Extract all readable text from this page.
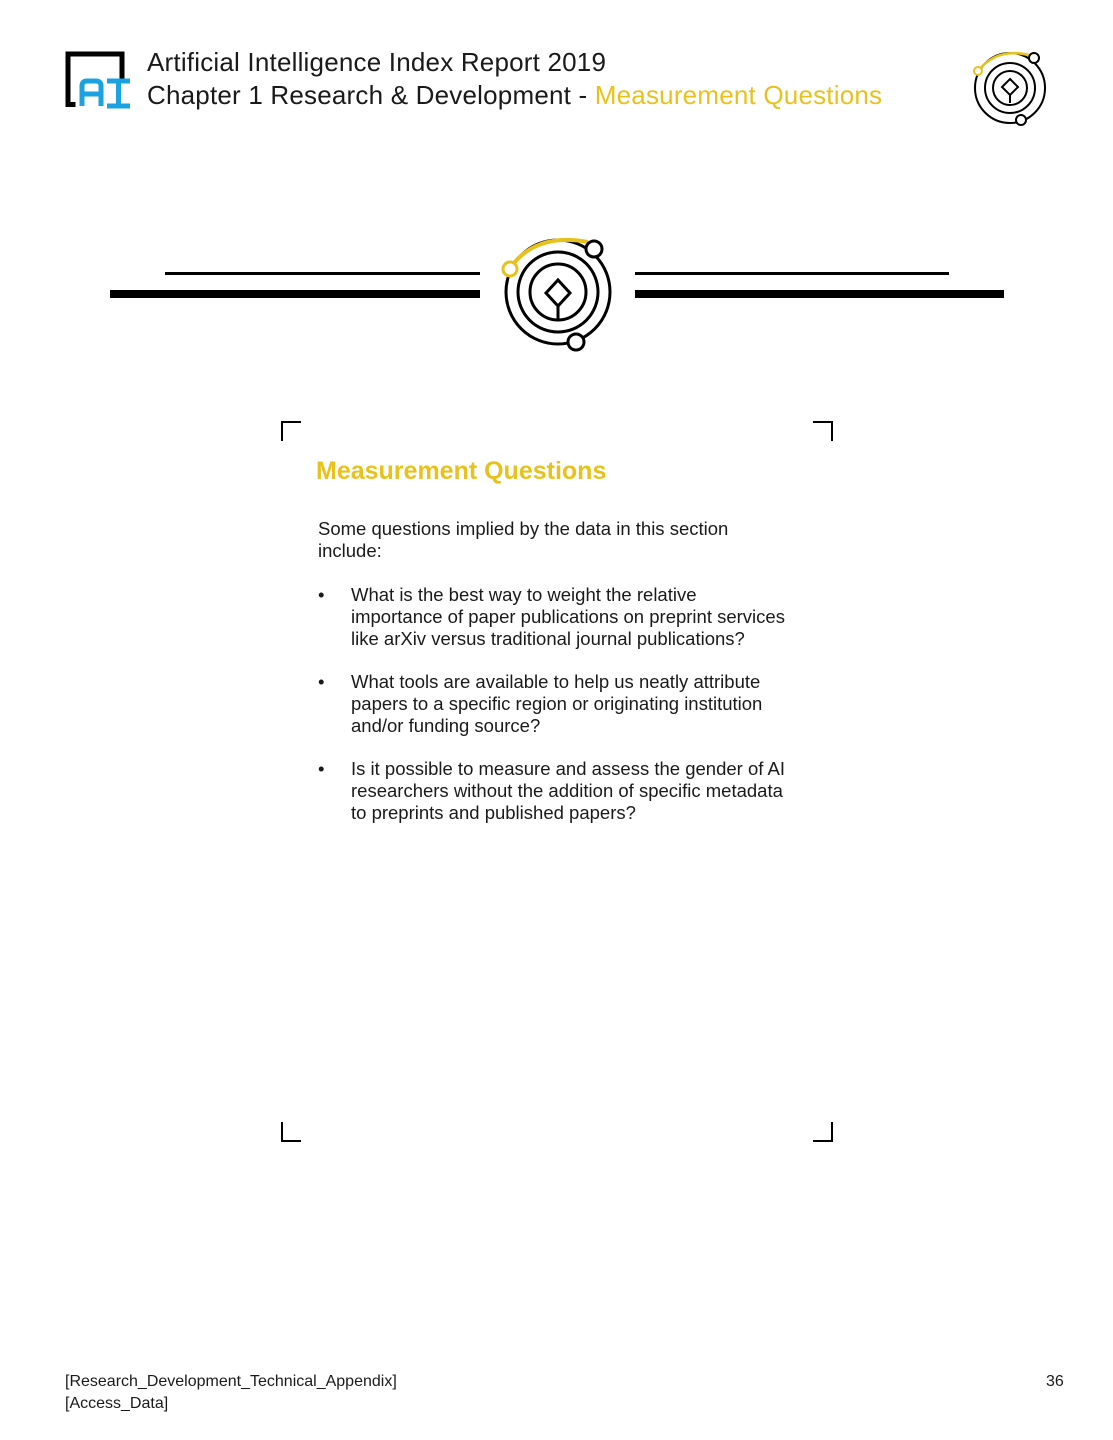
Artificial Intelligence Index Report 2019
Chapter 1 Research & Development - Measurement Questions
Measurement Questions
Some questions implied by the data in this section include:
• What is the best way to weight the relative importance of paper publications on preprint services like arXiv versus traditional journal publications?
• What tools are available to help us neatly attribute papers to a specific region or originating institution and/or funding source?
• Is it possible to measure and assess the gender of AI researchers without the addition of specific metadata to preprints and published papers?
[Research_Development_Technical_Appendix]
[Access_Data]
36
